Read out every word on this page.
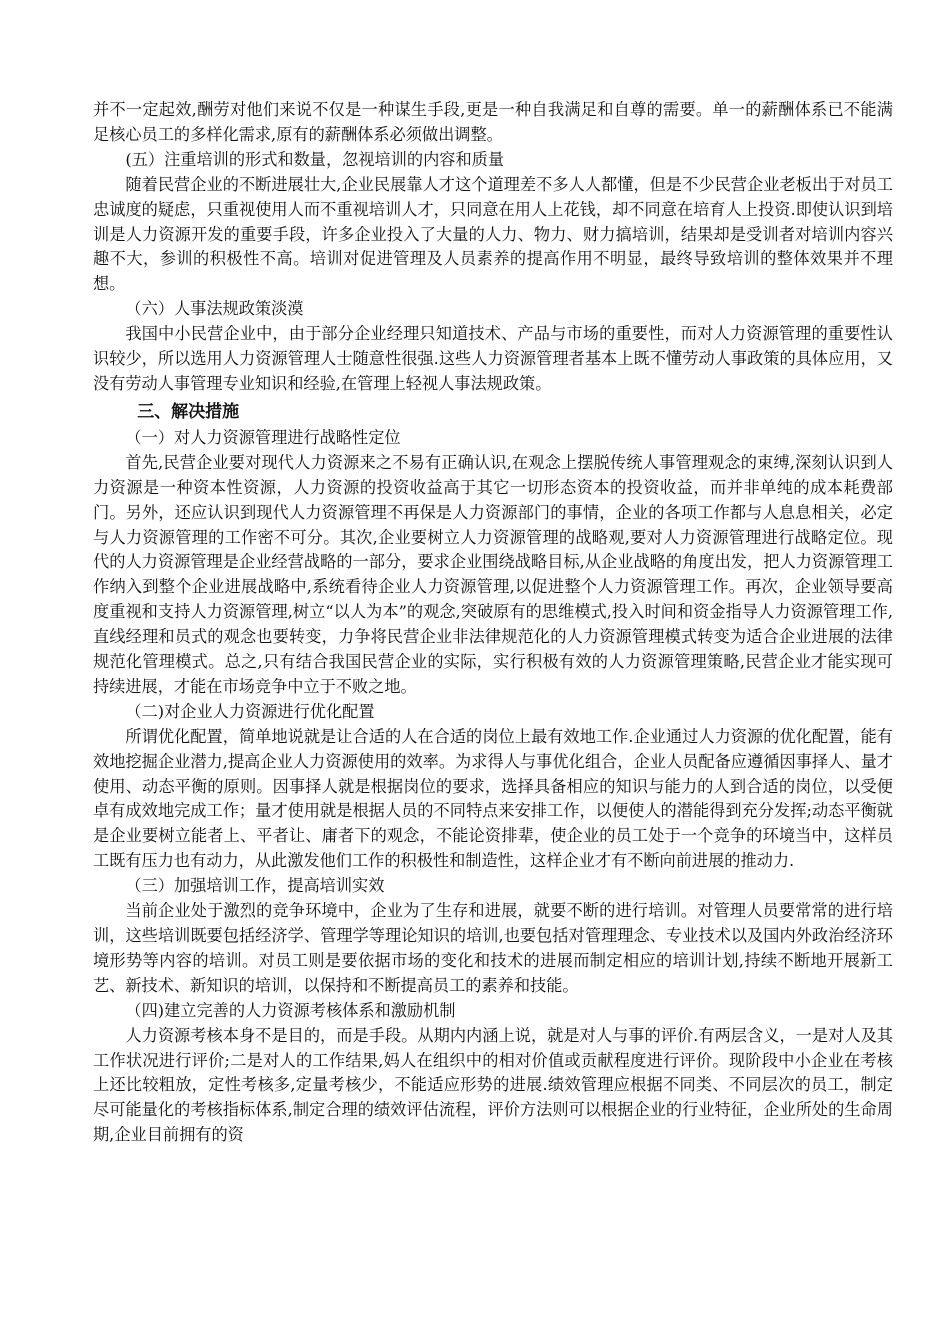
并不一定起效,酬劳对他们来说不仅是一种谋生手段,更是一种自我满足和自尊的需要。单一的薪酬体系已不能满足核心员工的多样化需求,原有的薪酬体系必须做出调整。

(五）注重培训的形式和数量，忽视培训的内容和质量

随着民营企业的不断进展壮大,企业民展靠人才这个道理差不多人人都懂，但是不少民营企业老板出于对员工忠诚度的疑虑，只重视使用人而不重视培训人才，只同意在用人上花钱，却不同意在培育人上投资.即使认识到培训是人力资源开发的重要手段，许多企业投入了大量的人力、物力、财力搞培训，结果却是受训者对培训内容兴趣不大，参训的积极性不高。培训对促进管理及人员素养的提高作用不明显，最终导致培训的整体效果并不理想。

（六）人事法规政策淡漠

我国中小民营企业中，由于部分企业经理只知道技术、产品与市场的重要性，而对人力资源管理的重要性认识较少，所以选用人力资源管理人士随意性很强.这些人力资源管理者基本上既不懂劳动人事政策的具体应用，又没有劳动人事管理专业知识和经验,在管理上轻视人事法规政策。

三、解决措施

（一）对人力资源管理进行战略性定位

首先,民营企业要对现代人力资源来之不易有正确认识,在观念上摆脱传统人事管理观念的束缚,深刻认识到人力资源是一种资本性资源，人力资源的投资收益高于其它一切形态资本的投资收益，而并非单纯的成本耗费部门。另外，还应认识到现代人力资源管理不再保是人力资源部门的事情，企业的各项工作都与人息息相关，必定与人力资源管理的工作密不可分。其次,企业要树立人力资源管理的战略观,要对人力资源管理进行战略定位。现代的人力资源管理是企业经营战略的一部分，要求企业围绕战略目标,从企业战略的角度出发，把人力资源管理工作纳入到整个企业进展战略中,系统看待企业人力资源管理,以促进整个人力资源管理工作。再次，企业领导要高度重视和支持人力资源管理,树立“以人为本”的观念,突破原有的思维模式,投入时间和资金指导人力资源管理工作,直线经理和员式的观念也要转变，力争将民营企业非法律规范化的人力资源管理模式转变为适合企业进展的法律规范化管理模式。总之,只有结合我国民营企业的实际，实行积极有效的人力资源管理策略,民营企业才能实现可持续进展，才能在市场竞争中立于不败之地。

（二)对企业人力资源进行优化配置

所谓优化配置，简单地说就是让合适的人在合适的岗位上最有效地工作.企业通过人力资源的优化配置，能有效地挖掘企业潜力,提高企业人力资源使用的效率。为求得人与事优化组合，企业人员配备应遵循因事择人、量才使用、动态平衡的原则。因事择人就是根据岗位的要求，选择具备相应的知识与能力的人到合适的岗位，以受便卓有成效地完成工作；量才使用就是根据人员的不同特点来安排工作，以便使人的潜能得到充分发挥;动态平衡就是企业要树立能者上、平者让、庸者下的观念，不能论资排辈，使企业的员工处于一个竞争的环境当中，这样员工既有压力也有动力，从此激发他们工作的积极性和制造性，这样企业才有不断向前进展的推动力.

（三）加强培训工作，提高培训实效

当前企业处于激烈的竞争环境中，企业为了生存和进展，就要不断的进行培训。对管理人员要常常的进行培训，这些培训既要包括经济学、管理学等理论知识的培训,也要包括对管理理念、专业技术以及国内外政治经济环境形势等内容的培训。对员工则是要依据市场的变化和技术的进展而制定相应的培训计划,持续不断地开展新工艺、新技术、新知识的培训，以保持和不断提高员工的素养和技能。

（四)建立完善的人力资源考核体系和激励机制

人力资源考核本身不是目的，而是手段。从期内内涵上说，就是对人与事的评价.有两层含义，一是对人及其工作状况进行评价;二是对人的工作结果,妈人在组织中的相对价值或贡献程度进行评价。现阶段中小企业在考核上还比较粗放，定性考核多,定量考核少，不能适应形势的进展.绩效管理应根据不同类、不同层次的员工，制定尽可能量化的考核指标体系,制定合理的绩效评估流程，评价方法则可以根据企业的行业特征，企业所处的生命周期,企业目前拥有的资
